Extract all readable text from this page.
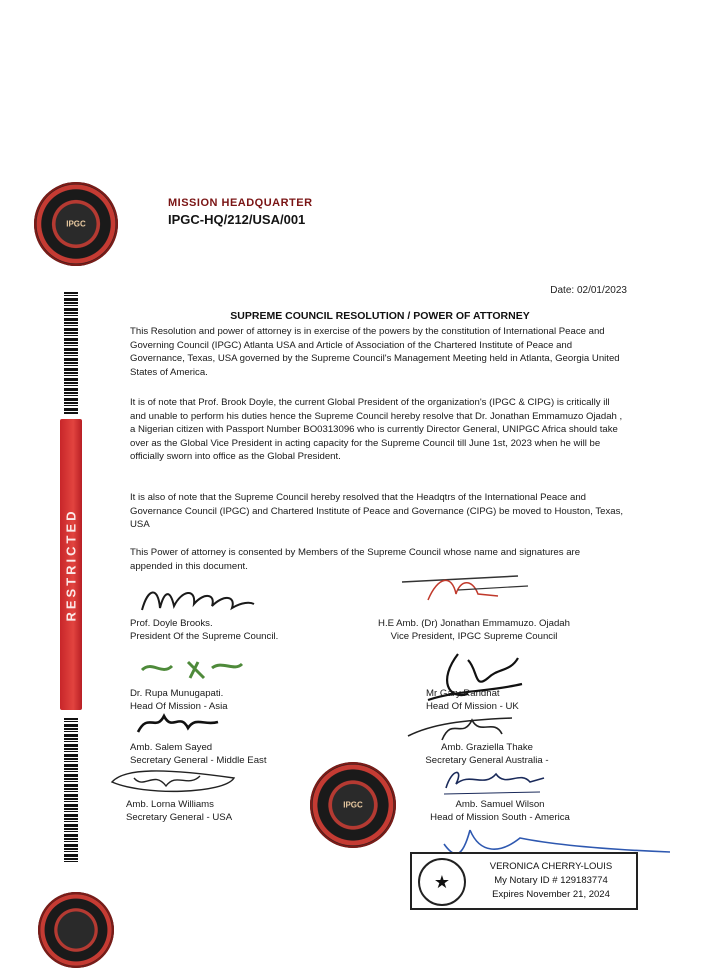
IPGC
MISSION HEADQUARTER
IPGC-HQ/212/USA/001
RESTRICTED
Date: 02/01/2023
SUPREME COUNCIL RESOLUTION / POWER OF ATTORNEY
This Resolution and power of attorney is in exercise of the powers by the constitution of International Peace and Governing Council (IPGC) Atlanta USA and Article of Association of the Chartered Institute of Peace and Governance, Texas, USA governed by the Supreme Council's Management Meeting held in Atlanta, Georgia United States of America.
It is of note that Prof. Brook Doyle, the current Global President of the organization's (IPGC & CIPG) is critically ill and unable to perform his duties hence the Supreme Council hereby resolve that Dr. Jonathan Emmamuzo Ojadah , a Nigerian citizen with Passport Number BO0313096 who is currently Director General, UNIPGC Africa should take over as the Global Vice President in acting capacity for the Supreme Council till June 1st, 2023 when he will be officially sworn into office as the Global President.
It is also of note that the Supreme Council hereby resolved that the Headqtrs of the International Peace and Governance Council (IPGC) and Chartered Institute of Peace and Governance (CIPG) be moved to Houston, Texas, USA
This Power of attorney is consented by Members of the Supreme Council whose name and signatures are appended in this document.
Prof. Doyle Brooks.
President Of the Supreme Council.
H.E Amb. (Dr) Jonathan Emmamuzo. Ojadah
Vice President, IPGC Supreme Council
Dr. Rupa Munugapati.
Head Of Mission - Asia
Mr Gary Randhat
Head Of Mission - UK
Amb. Salem Sayed
Secretary General - Middle East
Amb. Graziella Thake
Secretary General Australia -
Amb. Lorna Williams
Secretary General - USA
Amb. Samuel Wilson
Head of Mission South - America
IPGC
★
VERONICA CHERRY-LOUIS
My Notary ID # 129183774
Expires November 21, 2024
